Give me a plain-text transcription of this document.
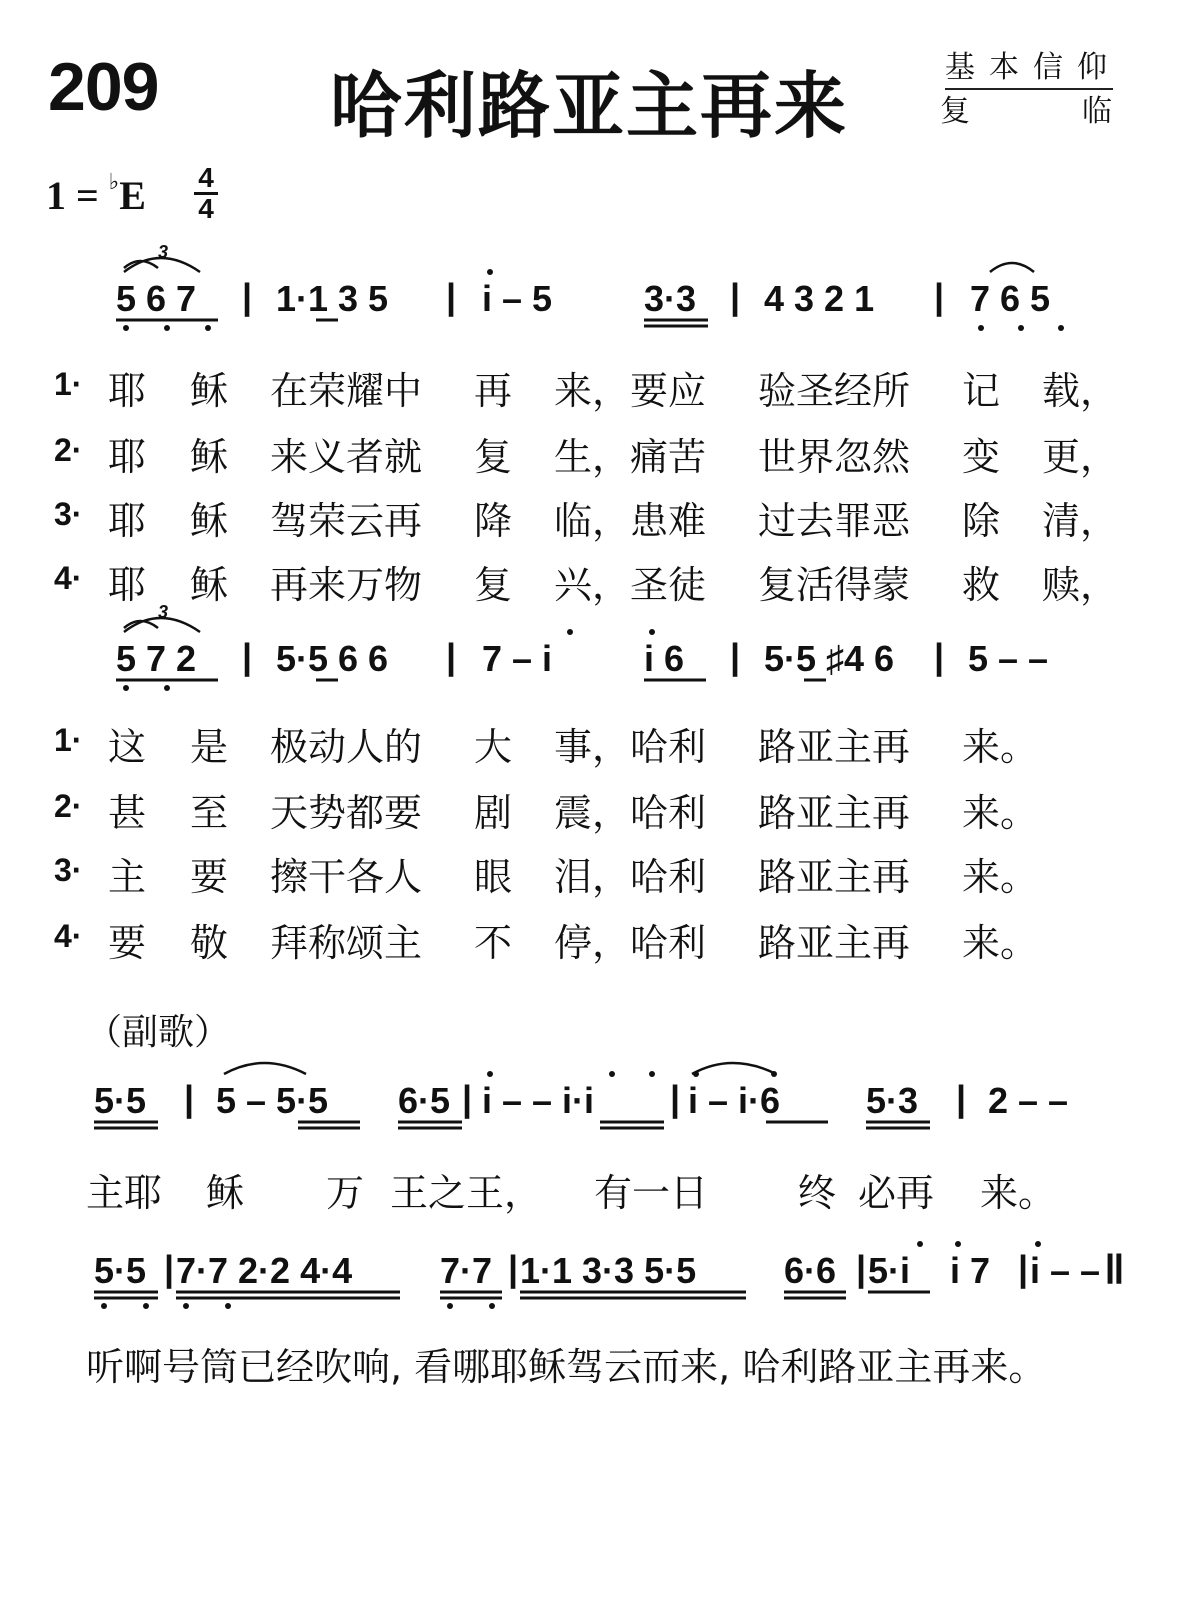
209 哈利路亚主再来	基本信仰
复	临
1 = ♭E 4
4
5 6 7 | 1·1 3 5 | i – 5	3·3 | 4 3 2 1 | 7 6 5
1· 耶 稣 在荣耀中 再 来，要应 验圣经所 记 载，
2· 耶 稣 来义者就 复 生，痛苦 世界忽然 变 更，
3· 耶 稣 驾荣云再 降 临，患难 过去罪恶 除 清，
4· 耶 稣 再来万物 复 兴，圣徒 复活得蒙 救 赎，
5 7 2 | 5·5 6 6 | 7 – i	i 6 | 5·5 ♯4 6 | 5 – –
1· 这 是 极动人的 大 事，哈利 路亚主再 来。
2· 甚 至 天势都要 剧 震，哈利 路亚主再 来。
3· 主 要 擦干各人 眼 泪，哈利 路亚主再 来。
4· 要 敬 拜称颂主 不 停，哈利 路亚主再 来。
（副歌）
5·5 | 5 – 5·5 6·5 | i – – i·i | i – i·6 5·3 | 2 – –
主耶 稣 万 王之王， 有一日 终 必再 来。
5·5 | 7·7 2·2 4·4 7·7 | 1·1 3·3 5·5 6·6 | 5·i i 7 | i – – ‖
听啊号筒已经吹响, 看哪耶稣驾云而来, 哈利路亚主再来。
3
3
